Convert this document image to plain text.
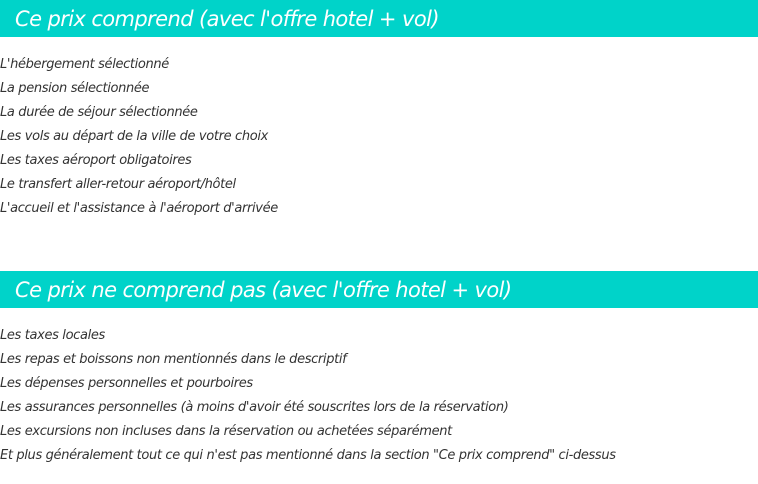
Ce prix comprend (avec l'offre hotel + vol)
L'hébergement sélectionné
La pension sélectionnée
La durée de séjour sélectionnée
Les vols au départ de la ville de votre choix
Les taxes aéroport obligatoires
Le transfert aller-retour aéroport/hôtel
L'accueil et l'assistance à l'aéroport d'arrivée
Ce prix ne comprend pas (avec l'offre hotel + vol)
Les taxes locales
Les repas et boissons non mentionnés dans le descriptif
Les dépenses personnelles et pourboires
Les assurances personnelles (à moins d'avoir été souscrites lors de la réservation)
Les excursions non incluses dans la réservation ou achetées séparément
Et plus généralement tout ce qui n'est pas mentionné dans la section "Ce prix comprend" ci-dessus
